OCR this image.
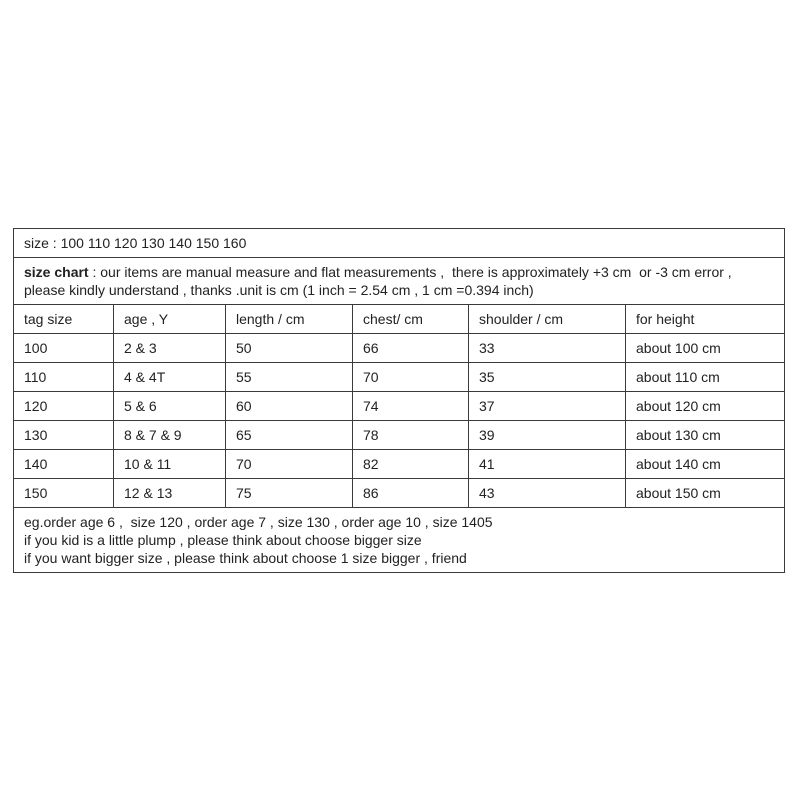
size : 100 110 120 130 140 150 160					

size chart : our items are manual measure and flat measurements ,  there is approximately +3 cm  or -3 cm error ,
please kindly understand , thanks .unit is cm (1 inch = 2.54 cm , 1 cm =0.394 inch)					

tag size	age , Y	length / cm	chest/ cm	shoulder / cm	for height
100	2 & 3	50	66	33	about 100 cm
110	4 & 4T	55	70	35	about 110 cm
120	5 & 6	60	74	37	about 120 cm
130	8 & 7 & 9	65	78	39	about 130 cm
140	10 & 11	70	82	41	about 140 cm
150	12 & 13	75	86	43	about 150 cm

eg.order age 6 ,  size 120 , order age 7 , size 130 , order age 10 , size 1405
if you kid is a little plump , please think about choose bigger size
if you want bigger size , please think about choose 1 size bigger , friend					
